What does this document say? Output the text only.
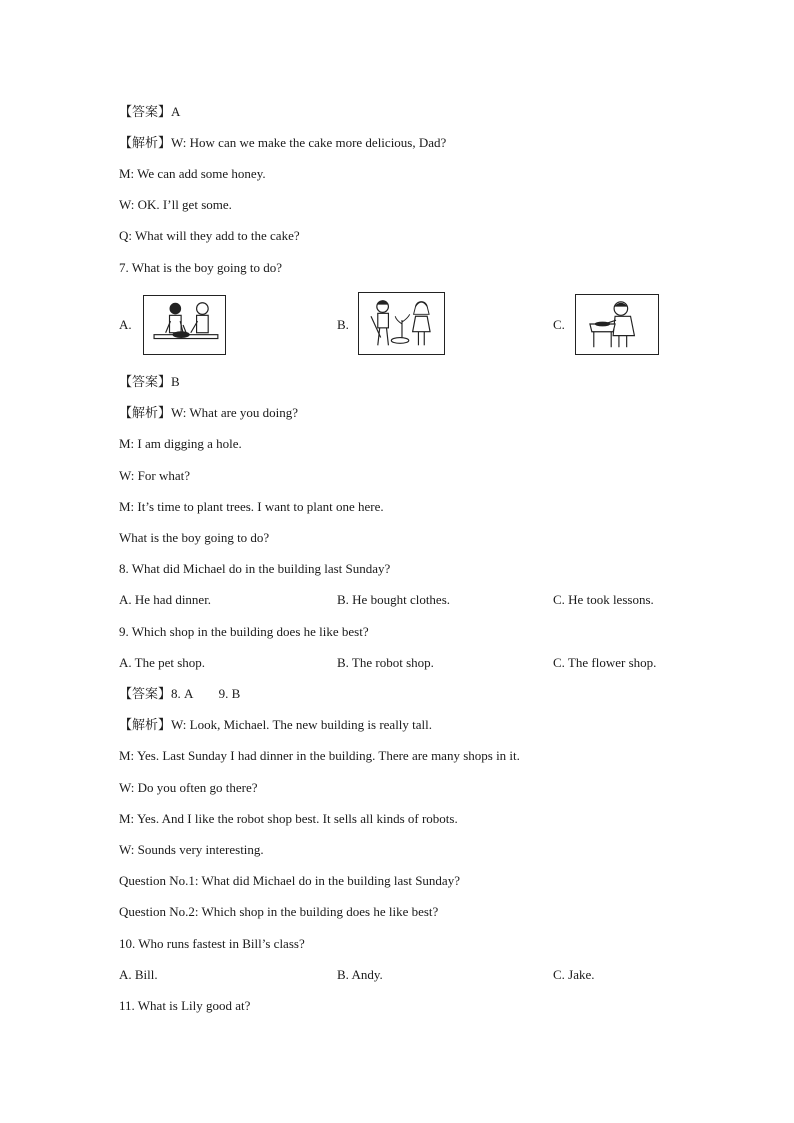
【答案】A
【解析】W: How can we make the cake more delicious, Dad?
M: We can add some honey.
W: OK. I’ll get some.
Q: What will they add to the cake?
7. What is the boy going to do?
A.	B.	C.
【答案】B
【解析】W: What are you doing?
M: I am digging a hole.
W: For what?
M: It’s time to plant trees. I want to plant one here.
What is the boy going to do?
8. What did Michael do in the building last Sunday?
A. He had dinner.	B. He bought clothes.	C. He took lessons.
9. Which shop in the building does he like best?
A. The pet shop.	B. The robot shop.	C. The flower shop.
【答案】8. A        9. B
【解析】W: Look, Michael. The new building is really tall.
M: Yes. Last Sunday I had dinner in the building. There are many shops in it.
W: Do you often go there?
M: Yes. And I like the robot shop best. It sells all kinds of robots.
W: Sounds very interesting.
Question No.1: What did Michael do in the building last Sunday?
Question No.2: Which shop in the building does he like best?
10. Who runs fastest in Bill’s class?
A. Bill.	B. Andy.	C. Jake.
11. What is Lily good at?
